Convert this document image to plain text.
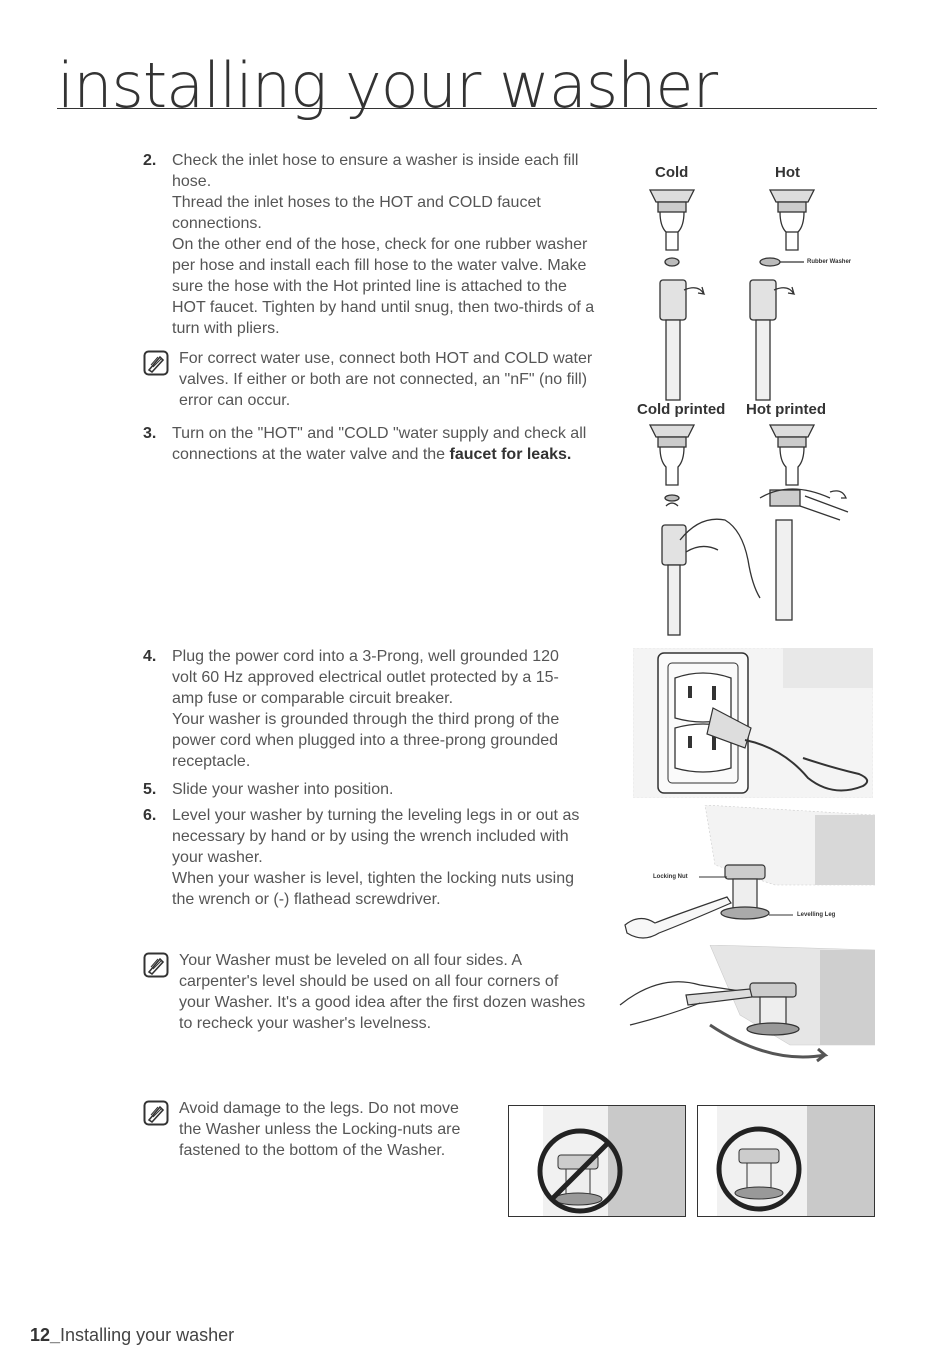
installing your washer
2. Check the inlet hose to ensure a washer is inside each fill
hose.
Thread the inlet hoses to the HOT and COLD faucet
connections.
On the other end of the hose, check for one rubber washer
per hose and install each fill hose to the water valve. Make
sure the hose with the Hot printed line is attached to the
HOT faucet. Tighten by hand until snug, then two-thirds of a
turn with pliers.
For correct water use, connect both HOT and COLD water
valves. If either or both are not connected, an "nF" (no fill)
error can occur.
3. Turn on the "HOT" and "COLD "water supply and check all
connections at the water valve and the faucet for leaks.
4. Plug the power cord into a 3-Prong, well grounded 120
volt 60 Hz approved electrical outlet protected by a 15-
amp fuse or comparable circuit breaker.
Your washer is grounded through the third prong of the
power cord when plugged into a three-prong grounded
receptacle.
5. Slide your washer into position.
6. Level your washer by turning the leveling legs in or out as
necessary by hand or by using the wrench included with
your washer.
When your washer is level, tighten the locking nuts using
the wrench or (-) flathead screwdriver.
Your Washer must be leveled on all four sides. A
carpenter's level should be used on all four corners of
your Washer. It's a good idea after the first dozen washes
to recheck your washer's levelness.
Avoid damage to the legs. Do not move
the Washer unless the Locking-nuts are
fastened to the bottom of the Washer.
Cold	Hot
Cold printed Hot printed
Rubber Washer
Locking Nut
Levelling Leg
12_Installing your washer
